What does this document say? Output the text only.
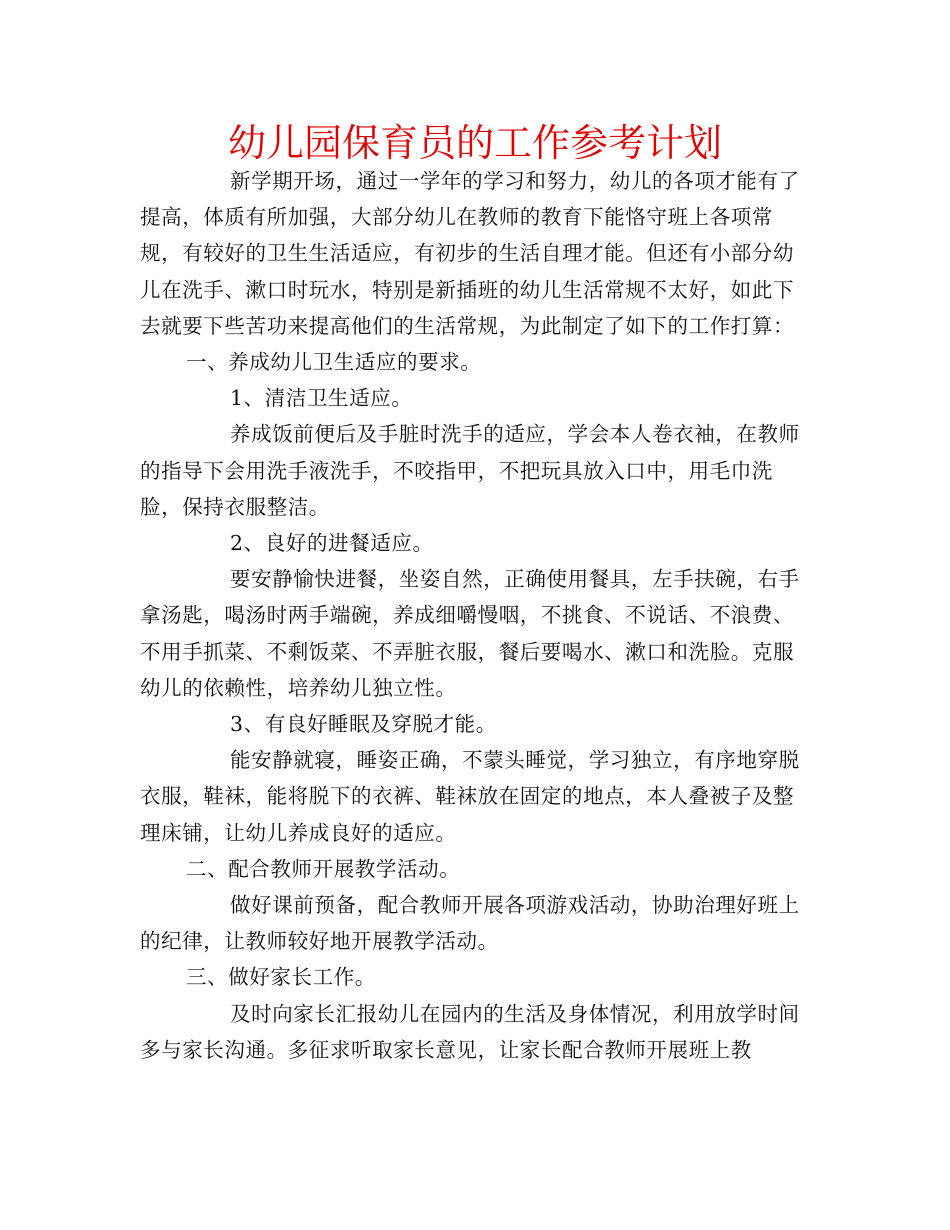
幼儿园保育员的工作参考计划

新学期开场，通过一学年的学习和努力，幼儿的各项才能有了提高，体质有所加强，大部分幼儿在教师的教育下能恪守班上各项常规，有较好的卫生生活适应，有初步的生活自理才能。但还有小部分幼儿在洗手、漱口时玩水，特别是新插班的幼儿生活常规不太好，如此下去就要下些苦功来提高他们的生活常规，为此制定了如下的工作打算：

一、养成幼儿卫生适应的要求。

1、清洁卫生适应。

养成饭前便后及手脏时洗手的适应，学会本人卷衣袖，在教师的指导下会用洗手液洗手，不咬指甲，不把玩具放入口中，用毛巾洗脸，保持衣服整洁。

2、良好的进餐适应。

要安静愉快进餐，坐姿自然，正确使用餐具，左手扶碗，右手拿汤匙，喝汤时两手端碗，养成细嚼慢咽，不挑食、不说话、不浪费、不用手抓菜、不剩饭菜、不弄脏衣服，餐后要喝水、漱口和洗脸。克服幼儿的依赖性，培养幼儿独立性。

3、有良好睡眠及穿脱才能。

能安静就寝，睡姿正确，不蒙头睡觉，学习独立，有序地穿脱衣服，鞋袜，能将脱下的衣裤、鞋袜放在固定的地点，本人叠被子及整理床铺，让幼儿养成良好的适应。

二、配合教师开展教学活动。

做好课前预备，配合教师开展各项游戏活动，协助治理好班上的纪律，让教师较好地开展教学活动。

三、做好家长工作。

及时向家长汇报幼儿在园内的生活及身体情况，利用放学时间多与家长沟通。多征求听取家长意见，让家长配合教师开展班上教
